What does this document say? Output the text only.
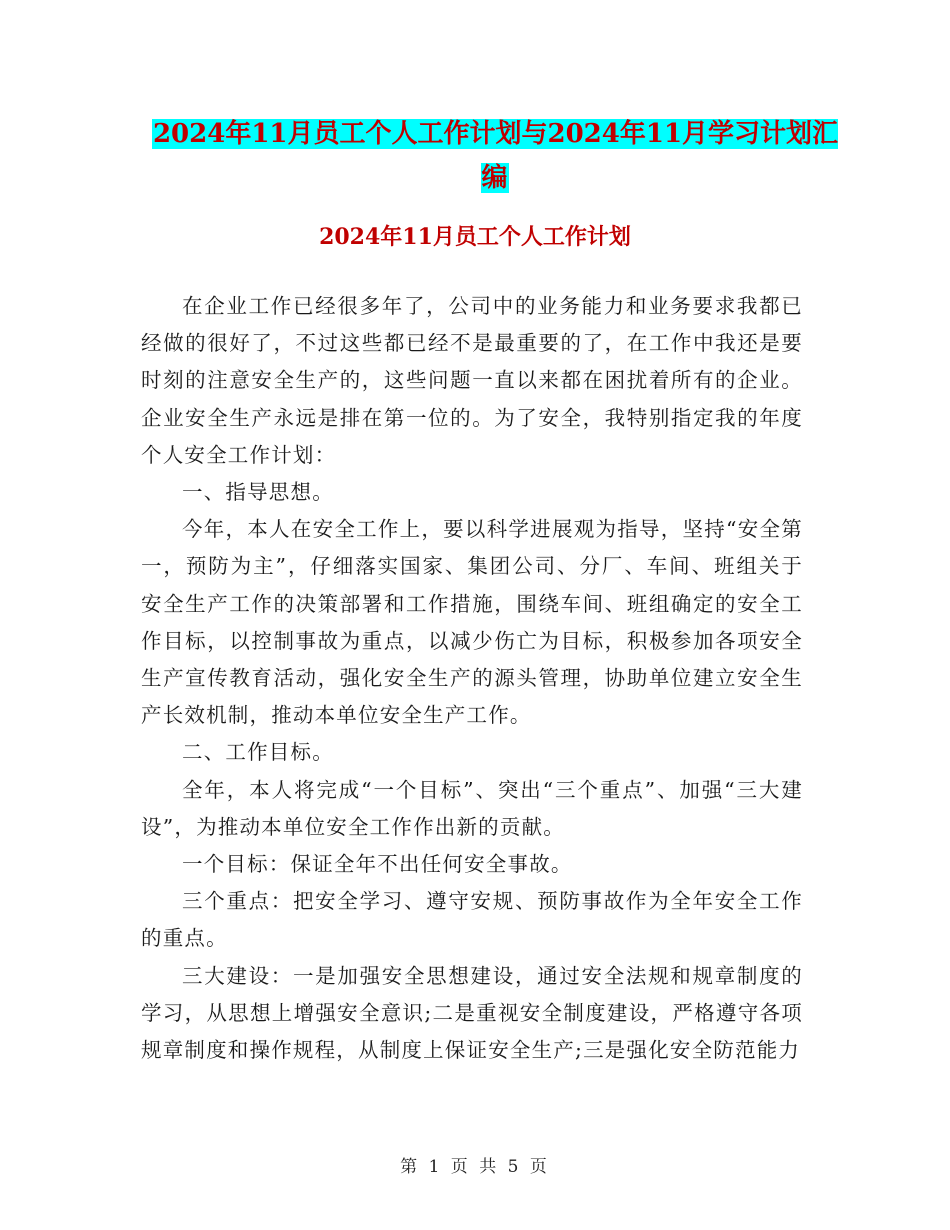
2024年11月员工个人工作计划与2024年11月学习计划汇编
2024年11月员工个人工作计划

在企业工作已经很多年了，公司中的业务能力和业务要求我都已经做的很好了，不过这些都已经不是最重要的了，在工作中我还是要时刻的注意安全生产的，这些问题一直以来都在困扰着所有的企业。企业安全生产永远是排在第一位的。为了安全，我特别指定我的年度个人安全工作计划：

一、指导思想。

今年，本人在安全工作上，要以科学进展观为指导，坚持“安全第一，预防为主”，仔细落实国家、集团公司、分厂、车间、班组关于安全生产工作的决策部署和工作措施，围绕车间、班组确定的安全工作目标，以控制事故为重点，以减少伤亡为目标，积极参加各项安全生产宣传教育活动，强化安全生产的源头管理，协助单位建立安全生产长效机制，推动本单位安全生产工作。

二、工作目标。

全年，本人将完成“一个目标”、突出“三个重点”、加强“三大建设”，为推动本单位安全工作作出新的贡献。

一个目标：保证全年不出任何安全事故。

三个重点：把安全学习、遵守安规、预防事故作为全年安全工作的重点。

三大建设：一是加强安全思想建设，通过安全法规和规章制度的学习，从思想上增强安全意识;二是重视安全制度建设，严格遵守各项规章制度和操作规程，从制度上保证安全生产;三是强化安全防范能力

第 1 页 共 5 页
